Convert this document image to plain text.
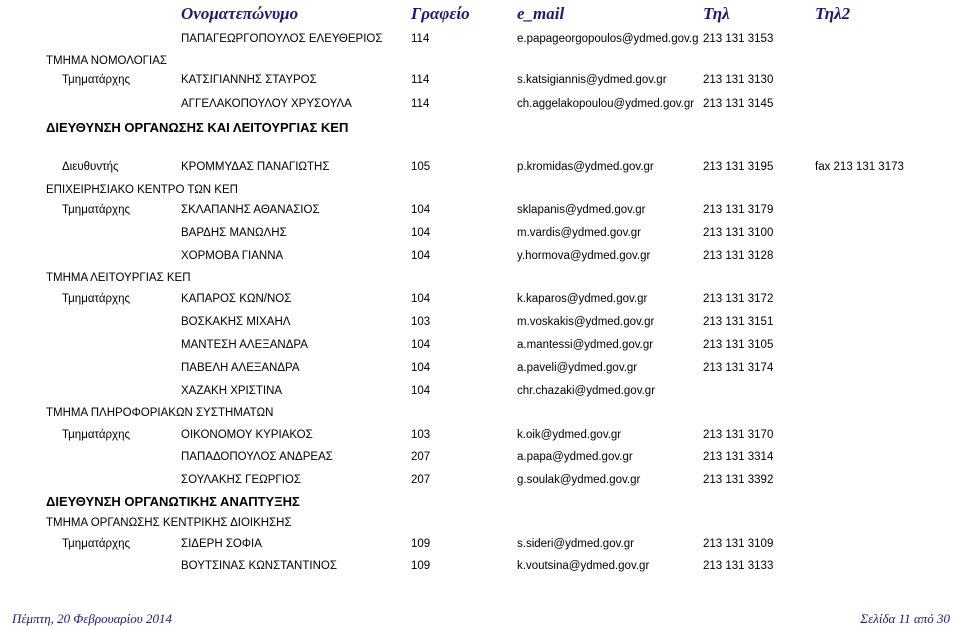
Ονοματεπώνυμο	Γραφείο	e_mail	Τηλ	Τηλ2
ΠΑΠΑΓΕΩΡΓΟΠΟΥΛΟΣ ΕΛΕΥΘΕΡΙΟΣ 114	e.papageorgopoulos@ydmed.gov.g 213 131 3153
ΤΜΗΜΑ ΝΟΜΟΛΟΓΙΑΣ
Τμηματάρχης	ΚΑΤΣΙΓΙΑΝΝΗΣ ΣΤΑΥΡΟΣ	114	s.katsigiannis@ydmed.gov.gr	213 131 3130
ΑΓΓΕΛΑΚΟΠΟΥΛΟΥ ΧΡΥΣΟΥΛΑ	114	ch.aggelakopoulou@ydmed.gov.gr 213 131 3145
ΔΙΕΥΘΥΝΣΗ ΟΡΓΑΝΩΣΗΣ ΚΑΙ ΛΕΙΤΟΥΡΓΙΑΣ ΚΕΠ
Διευθυντής	ΚΡΟΜΜΥΔΑΣ ΠΑΝΑΓΙΩΤΗΣ	105	p.kromidas@ydmed.gov.gr	213 131 3195	fax 213 131 3173
ΕΠΙΧΕΙΡΗΣΙΑΚΟ ΚΕΝΤΡΟ ΤΩΝ ΚΕΠ
Τμηματάρχης	ΣΚΛΑΠΑΝΗΣ ΑΘΑΝΑΣΙΟΣ	104	sklapanis@ydmed.gov.gr	213 131 3179
ΒΑΡΔΗΣ ΜΑΝΩΛΗΣ	104	m.vardis@ydmed.gov.gr	213 131 3100
ΧΟΡΜΟΒΑ ΓΙΑΝΝΑ	104	y.hormova@ydmed.gov.gr	213 131 3128
ΤΜΗΜΑ ΛΕΙΤΟΥΡΓΙΑΣ ΚΕΠ
Τμηματάρχης	ΚΑΠΑΡΟΣ ΚΩΝ/ΝΟΣ	104	k.kaparos@ydmed.gov.gr	213 131 3172
ΒΟΣΚΑΚΗΣ ΜΙΧΑΗΛ	103	m.voskakis@ydmed.gov.gr	213 131 3151
ΜΑΝΤΕΣΗ ΑΛΕΞΑΝΔΡΑ	104	a.mantessi@ydmed.gov.gr	213 131 3105
ΠΑΒΕΛΗ ΑΛΕΞΑΝΔΡΑ	104	a.paveli@ydmed.gov.gr	213 131 3174
ΧΑΖΑΚΗ ΧΡΙΣΤΙΝΑ	104	chr.chazaki@ydmed.gov.gr
ΤΜΗΜΑ ΠΛΗΡΟΦΟΡΙΑΚΩΝ ΣΥΣΤΗΜΑΤΩΝ
Τμηματάρχης	ΟΙΚΟΝΟΜΟΥ ΚΥΡΙΑΚΟΣ	103	k.oik@ydmed.gov.gr	213 131 3170
ΠΑΠΑΔΟΠΟΥΛΟΣ ΑΝΔΡΕΑΣ	207	a.papa@ydmed.gov.gr	213 131 3314
ΣΟΥΛΑΚΗΣ ΓΕΩΡΓΙΟΣ	207	g.soulak@ydmed.gov.gr	213 131 3392
ΔΙΕΥΘΥΝΣΗ ΟΡΓΑΝΩΤΙΚΗΣ ΑΝΑΠΤΥΞΗΣ
ΤΜΗΜΑ ΟΡΓΑΝΩΣΗΣ ΚΕΝΤΡΙΚΗΣ ΔΙΟΙΚΗΣΗΣ
Τμηματάρχης	ΣΙΔΕΡΗ ΣΟΦΙΑ	109	s.sideri@ydmed.gov.gr	213 131 3109
ΒΟΥΤΣΙΝΑΣ ΚΩΝΣΤΑΝΤΙΝΟΣ	109	k.voutsina@ydmed.gov.gr	213 131 3133
Πέμπτη, 20 Φεβρουαρίου 2014	Σελίδα 11 από 30
